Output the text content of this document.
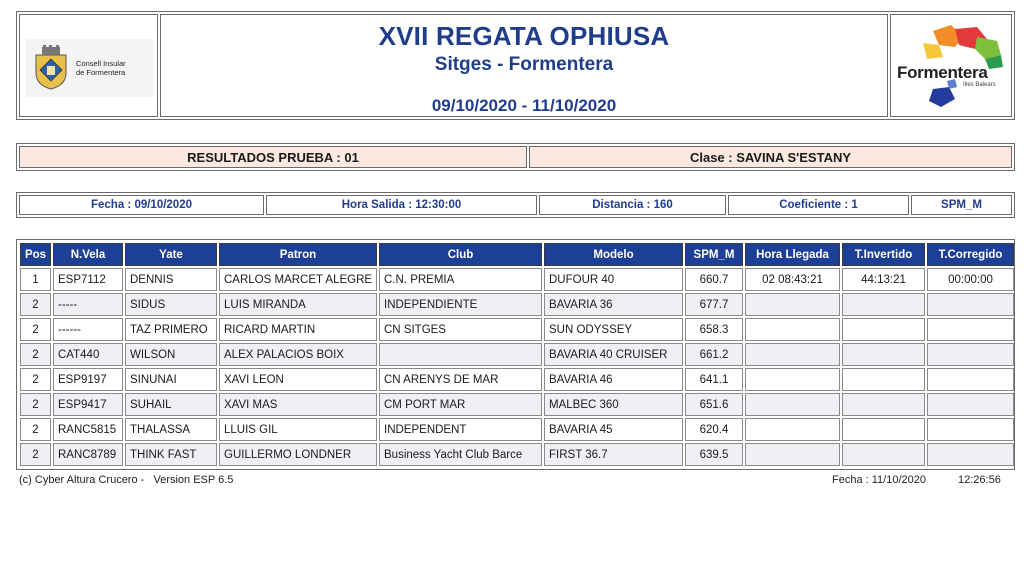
Consell Insular
de Formentera
XVII REGATA OPHIUSA
Sitges - Formentera
09/10/2020 - 11/10/2020
Formentera
Illes Balears
RESULTADOS PRUEBA : 01	Clase : SAVINA S'ESTANY
Fecha : 09/10/2020	Hora Salida : 12:30:00	Distancia : 160	Coeficiente : 1	SPM_M
Pos	N.Vela	Yate	Patron	Club	Modelo	SPM_M	Hora Llegada	T.Invertido	T.Corregido
1	ESP7112	DENNIS	CARLOS MARCET ALEGRE	C.N. PREMIA	DUFOUR 40	660.7	02 08:43:21	44:13:21	00:00:00
2	-----	SIDUS	LUIS MIRANDA	INDEPENDIENTE	BAVARIA 36	677.7			
2	------	TAZ PRIMERO	RICARD MARTIN	CN SITGES	SUN ODYSSEY	658.3			
2	CAT440	WILSON	ALEX PALACIOS BOIX		BAVARIA 40 CRUISER	661.2			
2	ESP9197	SINUNAI	XAVI LEON	CN ARENYS DE MAR	BAVARIA 46	641.1			
2	ESP9417	SUHAIL	XAVI MAS	CM PORT MAR	MALBEC 360	651.6			
2	RANC5815	THALASSA	LLUIS GIL	INDEPENDENT	BAVARIA 45	620.4			
2	RANC8789	THINK FAST	GUILLERMO LONDNER	Business Yacht Club Barce	FIRST 36.7	639.5			
(c) Cyber Altura Crucero -   Version ESP 6.5	Fecha : 11/10/2020	12:26:56
